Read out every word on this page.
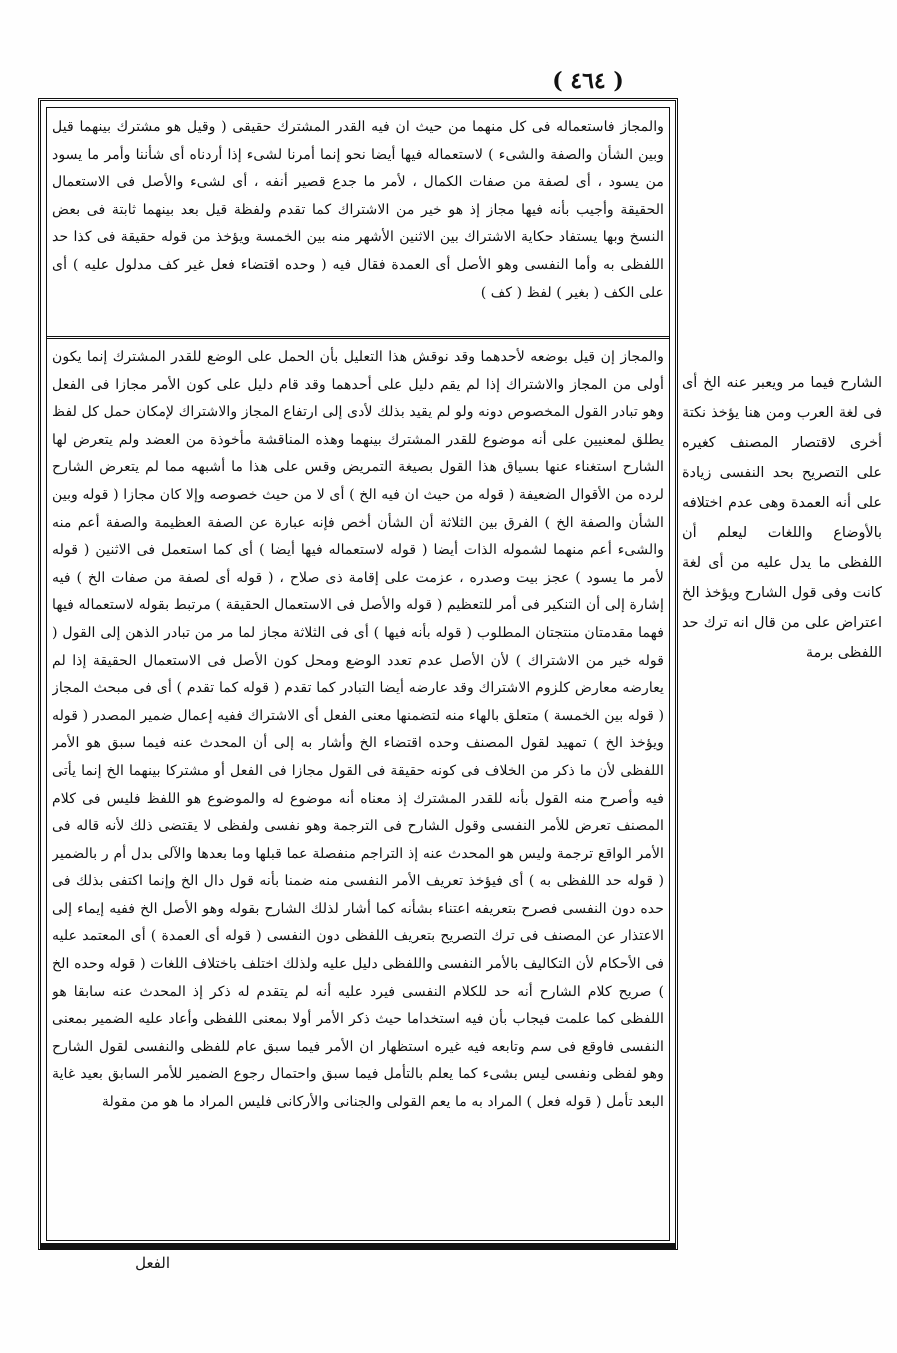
( ٤٦٤ )

والمجاز فاستعماله فى كل منهما من حيث ان فيه القدر المشترك حقيقى ( وقيل هو مشترك بينهما قيل وبين الشأن والصفة والشىء ) لاستعماله فيها أيضا نحو إنما أمرنا لشىء إذا أردناه أى شأننا وأمر ما يسود من يسود ، أى لصفة من صفات الكمال ، لأمر ما جدع قصير أنفه ، أى لشىء والأصل فى الاستعمال الحقيقة وأجيب بأنه فيها مجاز إذ هو خير من الاشتراك كما تقدم ولفظة قيل بعد بينهما ثابتة فى بعض النسخ وبها يستفاد حكاية الاشتراك بين الاثنين الأشهر منه بين الخمسة ويؤخذ من قوله حقيقة فى كذا حد اللفظى به وأما النفسى وهو الأصل أى العمدة فقال فيه ( وحده اقتضاء فعل غير كف مدلول عليه ) أى على الكف ( بغير ) لفظ ( كف )

والمجاز إن قيل بوضعه لأحدهما وقد نوقش هذا التعليل بأن الحمل على الوضع للقدر المشترك إنما يكون أولى من المجاز والاشتراك إذا لم يقم دليل على أحدهما وقد قام دليل على كون الأمر مجازا فى الفعل وهو تبادر القول المخصوص دونه ولو لم يقيد بذلك لأدى إلى ارتفاع المجاز والاشتراك لإمكان حمل كل لفظ يطلق لمعنيين على أنه موضوع للقدر المشترك بينهما وهذه المناقشة مأخوذة من العضد ولم يتعرض لها الشارح استغناء عنها بسياق هذا القول بصيغة التمريض وقس على هذا ما أشبهه مما لم يتعرض الشارح لرده من الأقوال الضعيفة ( قوله من حيث ان فيه الخ ) أى لا من حيث خصوصه وإلا كان مجازا ( قوله وبين الشأن والصفة الخ ) الفرق بين الثلاثة أن الشأن أخص فإنه عبارة عن الصفة العظيمة والصفة أعم منه والشىء أعم منهما لشموله الذات أيضا ( قوله لاستعماله فيها أيضا ) أى كما استعمل فى الاثنين ( قوله لأمر ما يسود ) عجز بيت وصدره ، عزمت على إقامة ذى صلاح ، ( قوله أى لصفة من صفات الخ ) فيه إشارة إلى أن التنكير فى أمر للتعظيم ( قوله والأصل فى الاستعمال الحقيقة ) مرتبط بقوله لاستعماله فيها فهما مقدمتان منتجتان المطلوب ( قوله بأنه فيها ) أى فى الثلاثة مجاز لما مر من تبادر الذهن إلى القول ( قوله خير من الاشتراك ) لأن الأصل عدم تعدد الوضع ومحل كون الأصل فى الاستعمال الحقيقة إذا لم يعارضه معارض كلزوم الاشتراك وقد عارضه أيضا التبادر كما تقدم ( قوله كما تقدم ) أى فى مبحث المجاز ( قوله بين الخمسة ) متعلق بالهاء منه لتضمنها معنى الفعل أى الاشتراك ففيه إعمال ضمير المصدر ( قوله ويؤخذ الخ ) تمهيد لقول المصنف وحده اقتضاء الخ وأشار به إلى أن المحدث عنه فيما سبق هو الأمر اللفظى لأن ما ذكر من الخلاف فى كونه حقيقة فى القول مجازا فى الفعل أو مشتركا بينهما الخ إنما يأتى فيه وأصرح منه القول بأنه للقدر المشترك إذ معناه أنه موضوع له والموضوع هو اللفظ فليس فى كلام المصنف تعرض للأمر النفسى وقول الشارح فى الترجمة وهو نفسى ولفظى لا يقتضى ذلك لأنه قاله فى الأمر الواقع ترجمة وليس هو المحدث عنه إذ التراجم منفصلة عما قبلها وما بعدها والآلى بدل أم ر بالضمير ( قوله حد اللفظى به ) أى فيؤخذ تعريف الأمر النفسى منه ضمنا بأنه قول دال الخ وإنما اكتفى بذلك فى حده دون النفسى فصرح بتعريفه اعتناء بشأنه كما أشار لذلك الشارح بقوله وهو الأصل الخ ففيه إيماء إلى الاعتذار عن المصنف فى ترك التصريح بتعريف اللفظى دون النفسى ( قوله أى العمدة ) أى المعتمد عليه فى الأحكام لأن التكاليف بالأمر النفسى واللفظى دليل عليه ولذلك اختلف باختلاف اللغات ( قوله وحده الخ ) صريح كلام الشارح أنه حد للكلام النفسى فيرد عليه أنه لم يتقدم له ذكر إذ المحدث عنه سابقا هو اللفظى كما علمت فيجاب بأن فيه استخداما حيث ذكر الأمر أولا بمعنى اللفظى وأعاد عليه الضمير بمعنى النفسى فاوقع فى سم وتابعه فيه غيره استظهار ان الأمر فيما سبق عام للفظى والنفسى لقول الشارح وهو لفظى ونفسى ليس بشىء كما يعلم بالتأمل فيما سبق واحتمال رجوع الضمير للأمر السابق بعيد غاية البعد تأمل ( قوله فعل ) المراد به ما يعم القولى والجنانى والأركانى فليس المراد ما هو من مقولة

الشارح فيما مر ويعبر عنه الخ أى فى لغة العرب ومن هنا يؤخذ نكتة أخرى لاقتصار المصنف كغيره على التصريح بحد النفسى زيادة على أنه العمدة وهى عدم اختلافه بالأوضاع واللغات ليعلم أن اللفظى ما يدل عليه من أى لغة كانت وفى قول الشارح ويؤخذ الخ اعتراض على من قال انه ترك حد اللفظى برمة

الفعل
